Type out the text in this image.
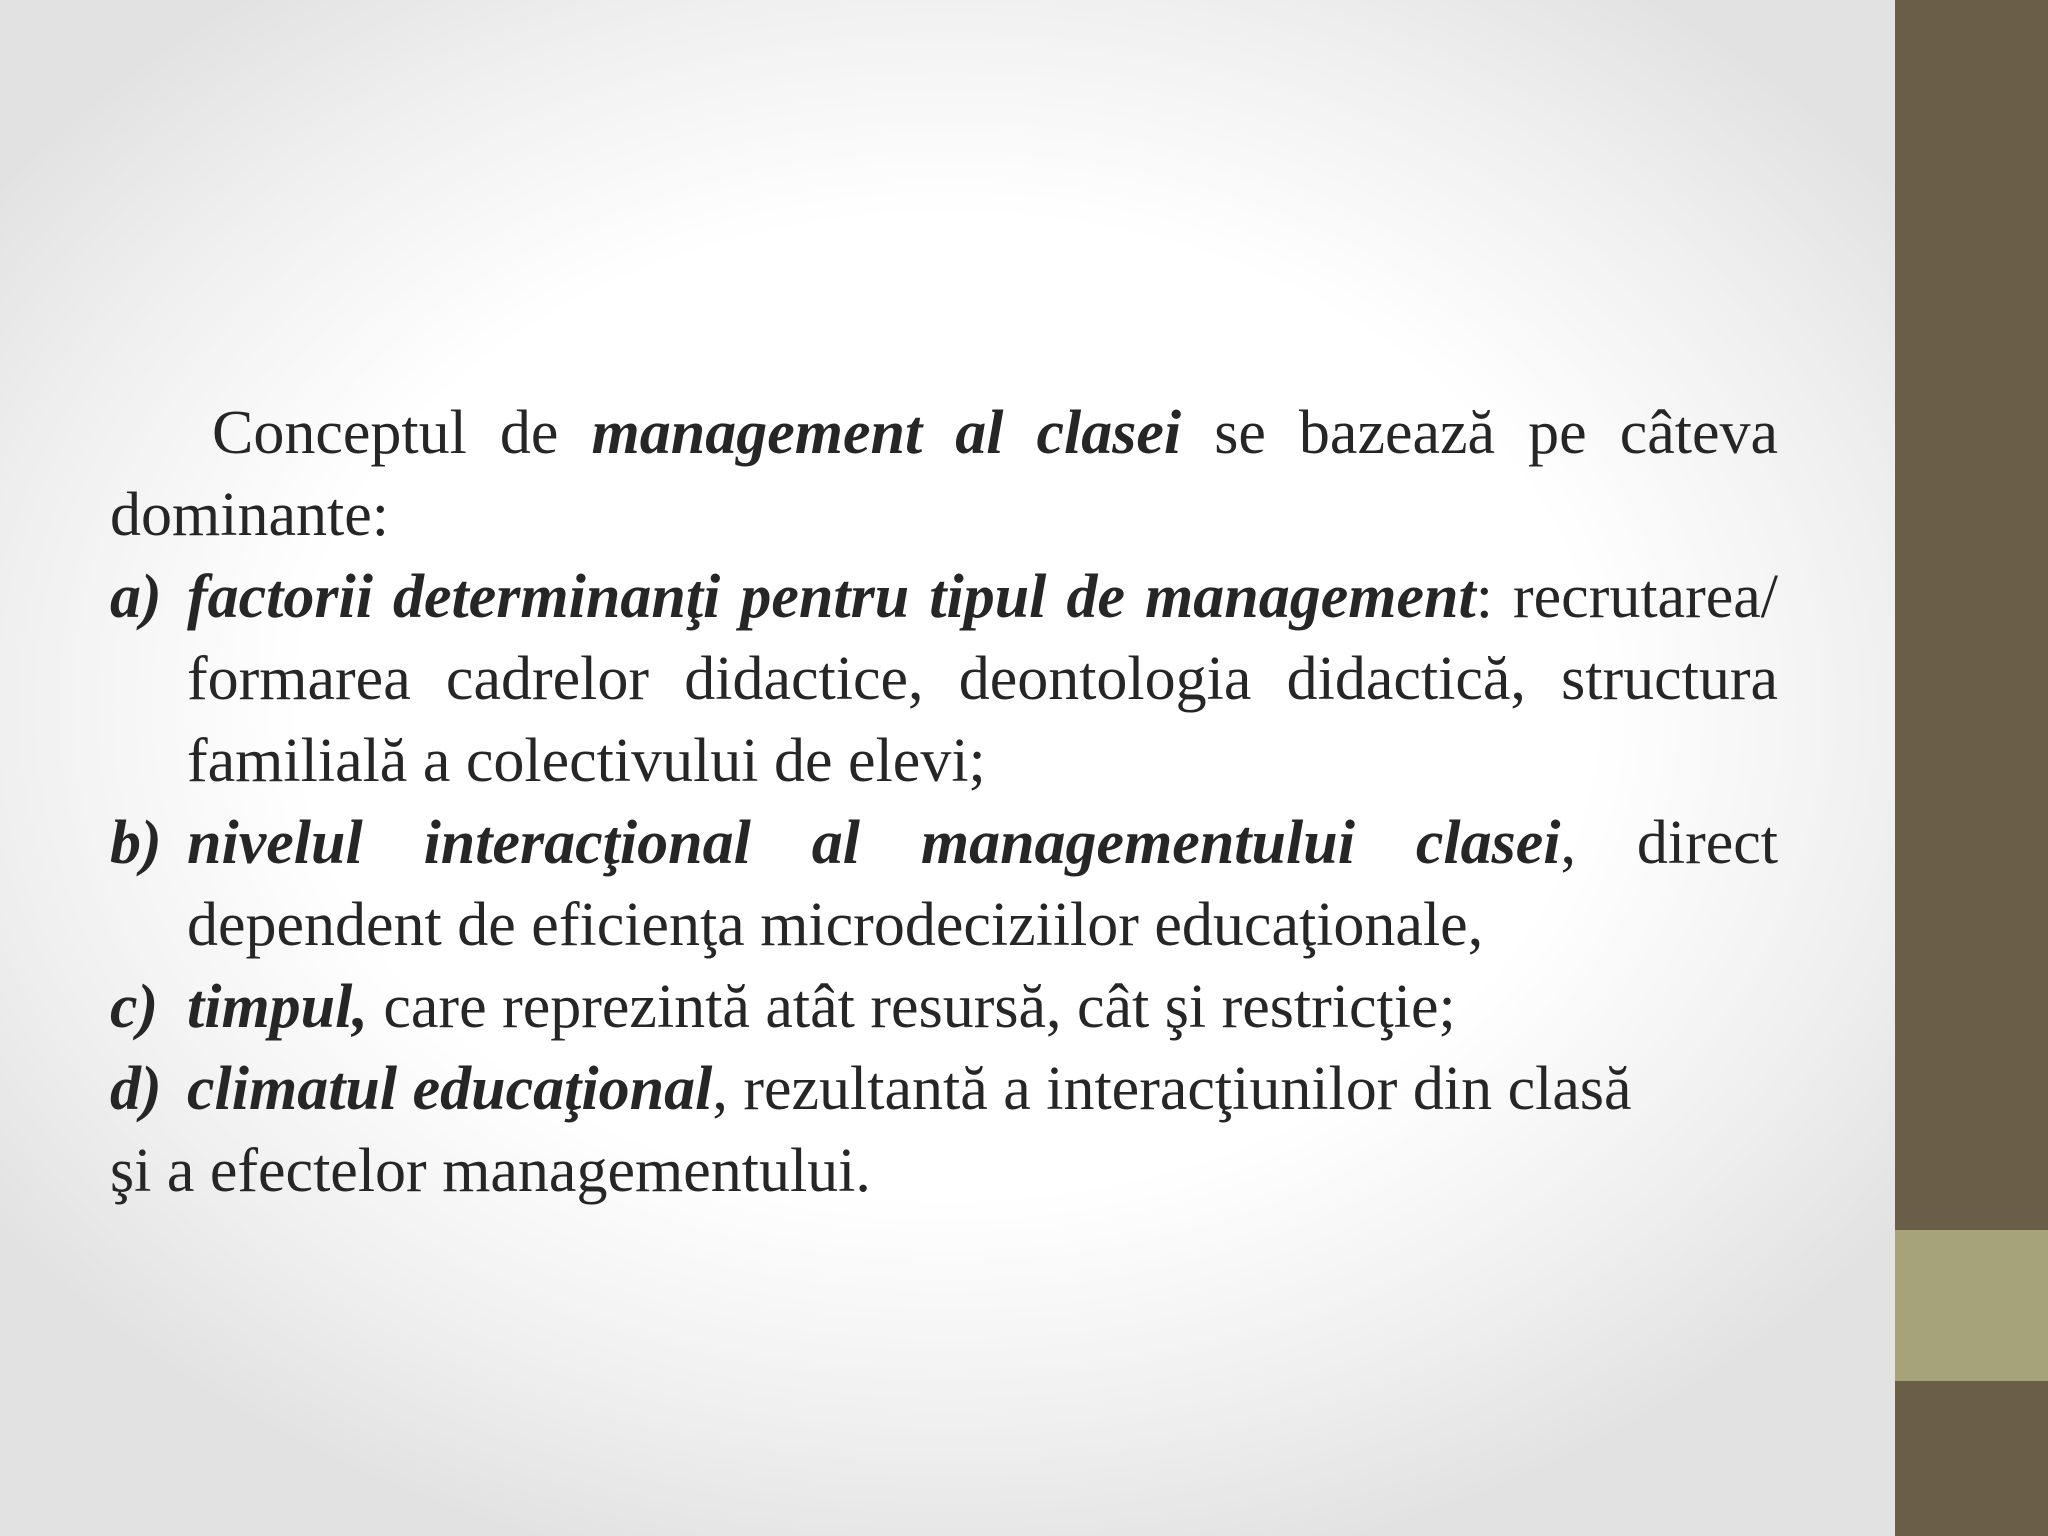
Conceptul de management al clasei se bazează pe câteva dominante:

a) factorii determinanţi pentru tipul de management: recrutarea/ formarea cadrelor didactice, deontologia didactică, structura familială a colectivului de elevi;
b) nivelul interacţional al managementului clasei, direct dependent de eficienţa microdeciziilor educaţionale,
c) timpul, care reprezintă atât resursă, cât şi restricţie;
d) climatul educaţional, rezultantă a interacţiunilor din clasă

şi a efectelor managementului.
